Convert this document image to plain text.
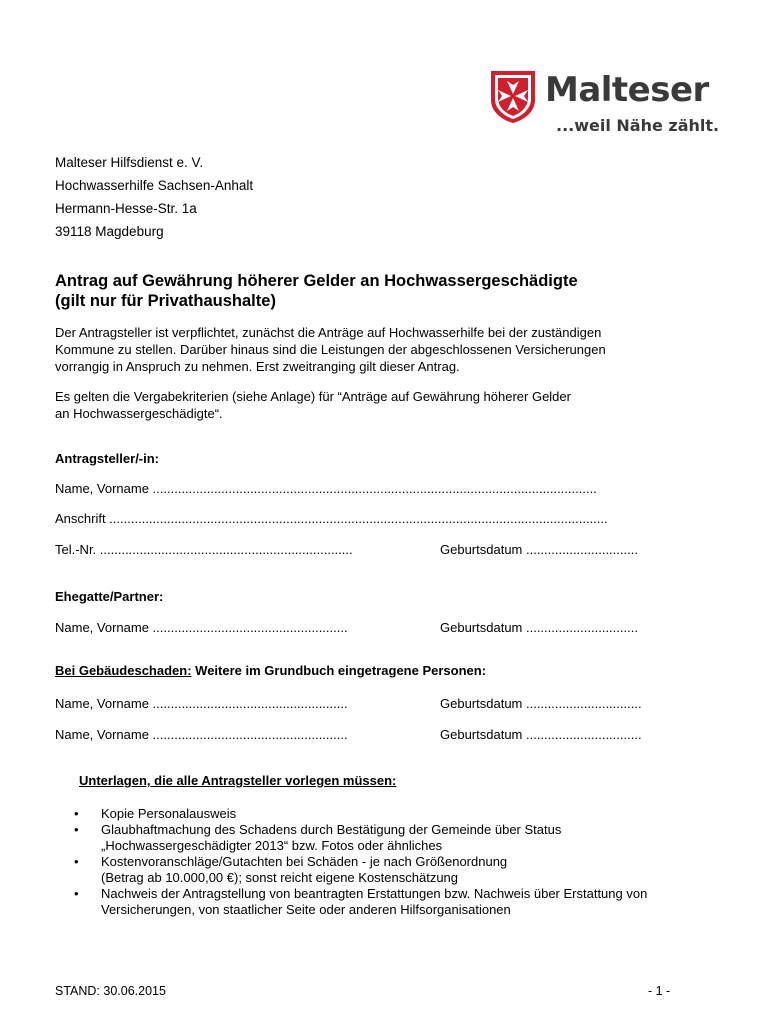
Malteser
...weil Nähe zählt.
Malteser Hilfsdienst e. V.
Hochwasserhilfe Sachsen-Anhalt
Hermann-Hesse-Str. 1a
39118 Magdeburg
Antrag auf Gewährung höherer Gelder an Hochwassergeschädigte
(gilt nur für Privathaushalte)
Der Antragsteller ist verpflichtet, zunächst die Anträge auf Hochwasserhilfe bei der zuständigen
Kommune zu stellen. Darüber hinaus sind die Leistungen der abgeschlossenen Versicherungen
vorrangig in Anspruch zu nehmen. Erst zweitranging gilt dieser Antrag.
Es gelten die Vergabekriterien (siehe Anlage) für “Anträge auf Gewährung höherer Gelder
an Hochwassergeschädigte“.
Antragsteller/-in:
Name, Vorname ...........................................................................................................................
Anschrift ..........................................................................................................................................
Tel.-Nr. ......................................................................	Geburtsdatum ...............................
Ehegatte/Partner:
Name, Vorname ......................................................	Geburtsdatum ...............................
Bei Gebäudeschaden: Weitere im Grundbuch eingetragene Personen:
Name, Vorname ......................................................	Geburtsdatum ................................
Name, Vorname ......................................................	Geburtsdatum ................................
Unterlagen, die alle Antragsteller vorlegen müssen:
• Kopie Personalausweis
• Glaubhaftmachung des Schadens durch Bestätigung der Gemeinde über Status
„Hochwassergeschädigter 2013“ bzw. Fotos oder ähnliches
• Kostenvoranschläge/Gutachten bei Schäden - je nach Größenordnung
(Betrag ab 10.000,00 €); sonst reicht eigene Kostenschätzung
• Nachweis der Antragstellung von beantragten Erstattungen bzw. Nachweis über Erstattung von
Versicherungen, von staatlicher Seite oder anderen Hilfsorganisationen
STAND: 30.06.2015	- 1 -
